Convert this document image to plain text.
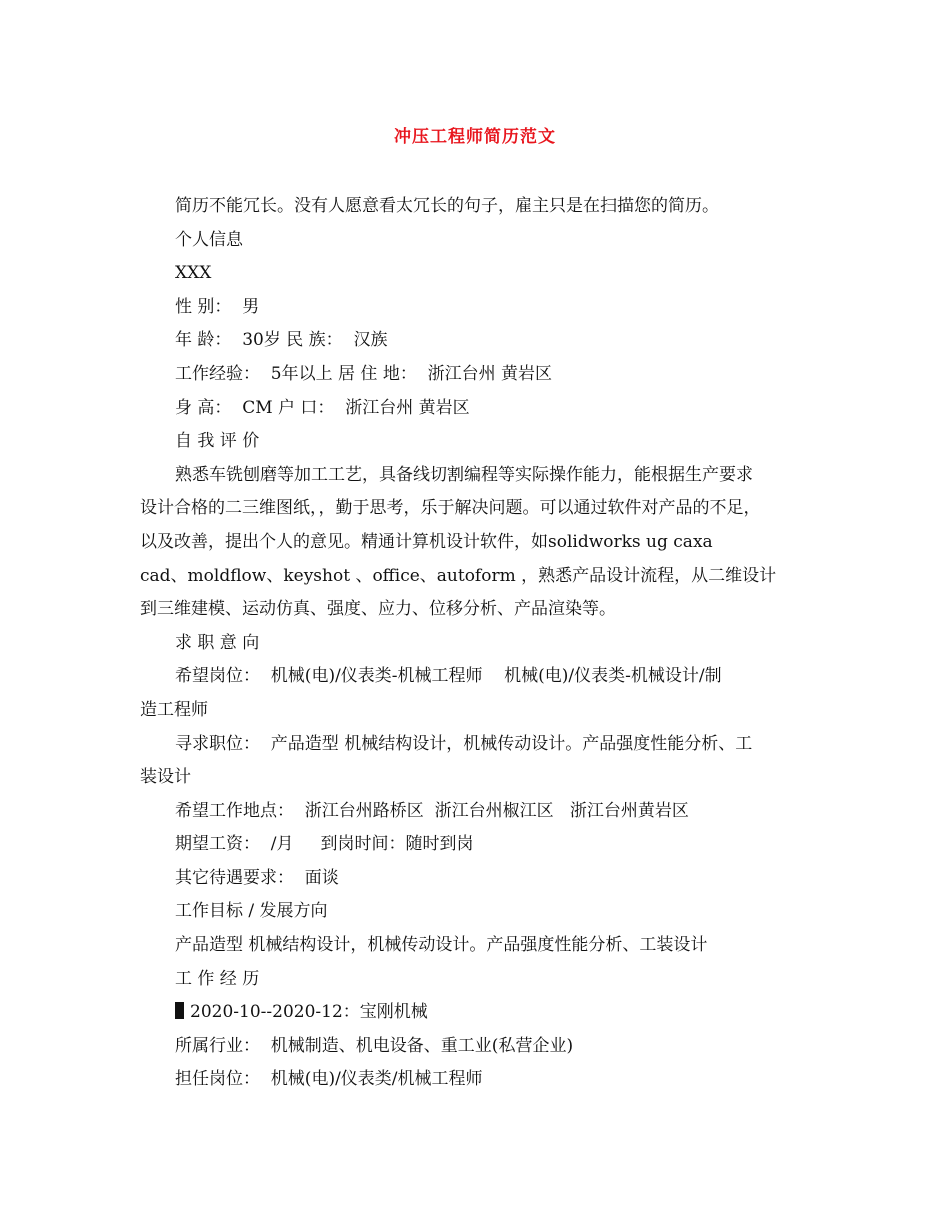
冲压工程师简历范文
简历不能冗长。没有人愿意看太冗长的句子，雇主只是在扫描您的简历。
个人信息
XXX
性 别：  男
年 龄：  30岁 民 族：  汉族
工作经验：  5年以上 居 住 地：  浙江台州 黄岩区
身 高：  CM 户 口：  浙江台州 黄岩区
自 我 评 价
熟悉车铣刨磨等加工工艺，具备线切割编程等实际操作能力，能根据生产要求
设计合格的二三维图纸，，勤于思考，乐于解决问题。可以通过软件对产品的不足，
以及改善，提出个人的意见。精通计算机设计软件，如solidworks ug caxa
cad、moldflow、keyshot 、office、autoform ，熟悉产品设计流程，从二维设计
到三维建模、运动仿真、强度、应力、位移分析、产品渲染等。
求 职 意 向
希望岗位：  机械(电)/仪表类-机械工程师    机械(电)/仪表类-机械设计/制
造工程师
寻求职位：  产品造型 机械结构设计，机械传动设计。产品强度性能分析、工
装设计
希望工作地点：  浙江台州路桥区  浙江台州椒江区   浙江台州黄岩区
期望工资：  /月     到岗时间：随时到岗
其它待遇要求：  面谈
工作目标 / 发展方向
产品造型 机械结构设计，机械传动设计。产品强度性能分析、工装设计
工 作 经 历
2020-10--2020-12：宝刚机械
所属行业：  机械制造、机电设备、重工业(私营企业)
担任岗位：  机械(电)/仪表类/机械工程师
